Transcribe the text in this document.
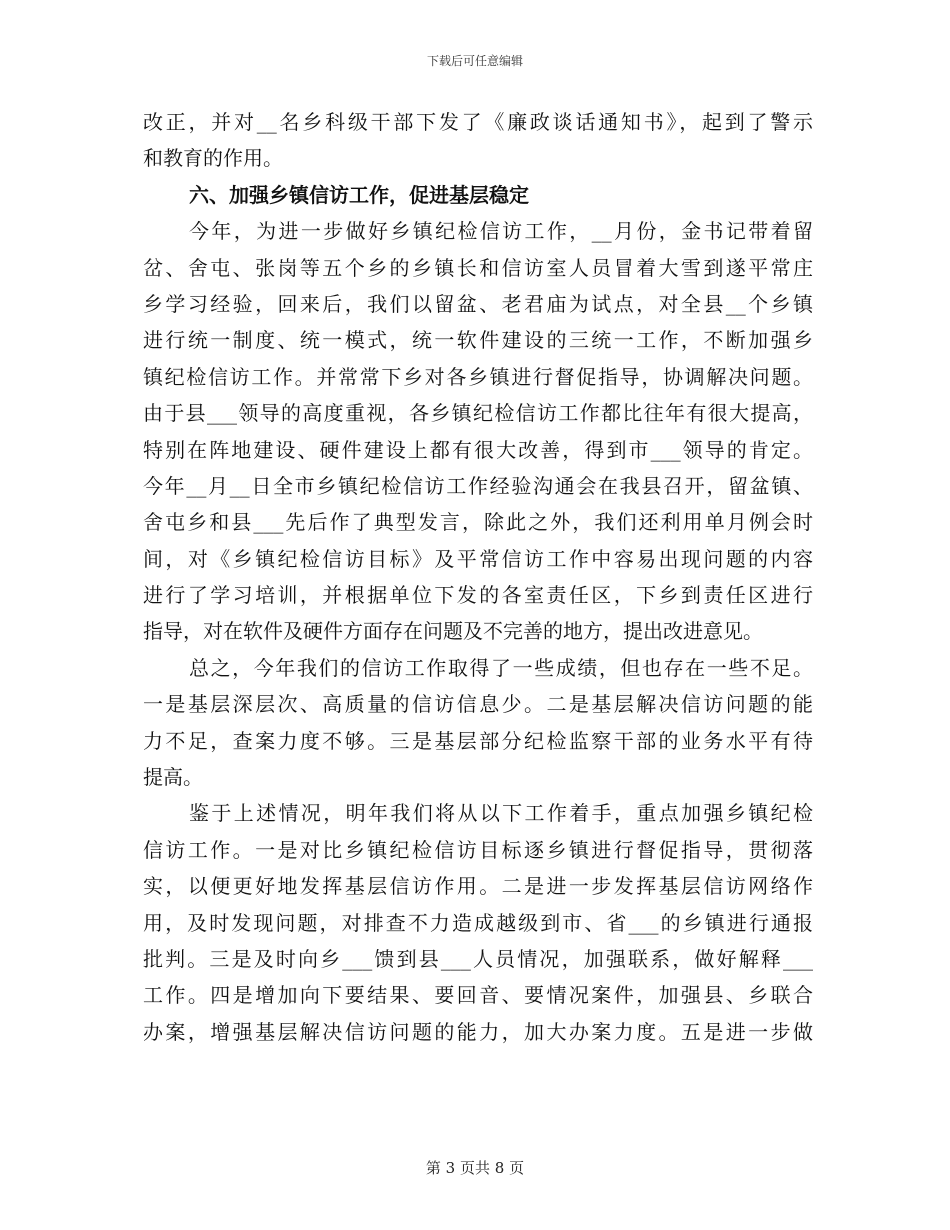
下载后可任意编辑
改正，并对__名乡科级干部下发了《廉政谈话通知书》，起到了警示
和教育的作用。
六、加强乡镇信访工作，促进基层稳定
今年，为进一步做好乡镇纪检信访工作，__月份，金书记带着留
岔、舍屯、张岗等五个乡的乡镇长和信访室人员冒着大雪到遂平常庄
乡学习经验，回来后，我们以留盆、老君庙为试点，对全县__个乡镇
进行统一制度、统一模式，统一软件建设的三统一工作，不断加强乡
镇纪检信访工作。并常常下乡对各乡镇进行督促指导，协调解决问题。
由于县___领导的高度重视，各乡镇纪检信访工作都比往年有很大提高，
特别在阵地建设、硬件建设上都有很大改善，得到市___领导的肯定。
今年__月__日全市乡镇纪检信访工作经验沟通会在我县召开，留盆镇、
舍屯乡和县___先后作了典型发言，除此之外，我们还利用单月例会时
间，对《乡镇纪检信访目标》及平常信访工作中容易出现问题的内容
进行了学习培训，并根据单位下发的各室责任区，下乡到责任区进行
指导，对在软件及硬件方面存在问题及不完善的地方，提出改进意见。
总之，今年我们的信访工作取得了一些成绩，但也存在一些不足。
一是基层深层次、高质量的信访信息少。二是基层解决信访问题的能
力不足，查案力度不够。三是基层部分纪检监察干部的业务水平有待
提高。
鉴于上述情况，明年我们将从以下工作着手，重点加强乡镇纪检
信访工作。一是对比乡镇纪检信访目标逐乡镇进行督促指导，贯彻落
实，以便更好地发挥基层信访作用。二是进一步发挥基层信访网络作
用，及时发现问题，对排查不力造成越级到市、省___的乡镇进行通报
批判。三是及时向乡___馈到县___人员情况，加强联系，做好解释___
工作。四是增加向下要结果、要回音、要情况案件，加强县、乡联合
办案，增强基层解决信访问题的能力，加大办案力度。五是进一步做
第 3 页共 8 页
